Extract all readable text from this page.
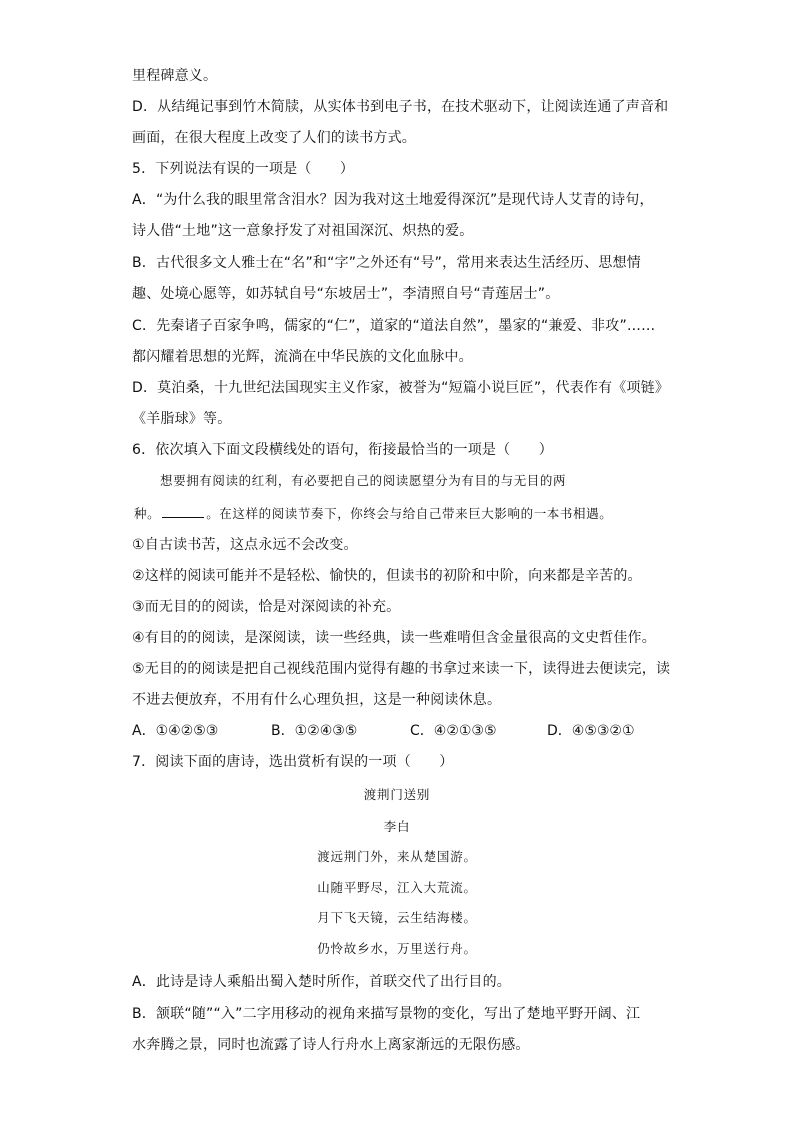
里程碑意义。
D．从结绳记事到竹木简牍，从实体书到电子书，在技术驱动下，让阅读连通了声音和
画面，在很大程度上改变了人们的读书方式。
5．下列说法有误的一项是（　　）
A．“为什么我的眼里常含泪水？因为我对这土地爱得深沉”是现代诗人艾青的诗句，
诗人借“土地”这一意象抒发了对祖国深沉、炽热的爱。
B．古代很多文人雅士在“名”和“字”之外还有“号”，常用来表达生活经历、思想情
趣、处境心愿等，如苏轼自号“东坡居士”，李清照自号“青莲居士”。
C．先秦诸子百家争鸣，儒家的“仁”，道家的“道法自然”，墨家的“兼爱、非攻”……
都闪耀着思想的光辉，流淌在中华民族的文化血脉中。
D．莫泊桑，十九世纪法国现实主义作家，被誉为“短篇小说巨匠”，代表作有《项链》
《羊脂球》等。
6．依次填入下面文段横线处的语句，衔接最恰当的一项是（　　）
想要拥有阅读的红利，有必要把自己的阅读愿望分为有目的与无目的两
种。	。在这样的阅读节奏下，你终会与给自己带来巨大影响的一本书相遇。
①自古读书苦，这点永远不会改变。
②这样的阅读可能并不是轻松、愉快的，但读书的初阶和中阶，向来都是辛苦的。
③而无目的的阅读，恰是对深阅读的补充。
④有目的的阅读，是深阅读，读一些经典，读一些难啃但含金量很高的文史哲佳作。
⑤无目的的阅读是把自己视线范围内觉得有趣的书拿过来读一下，读得进去便读完，读
不进去便放弃，不用有什么心理负担，这是一种阅读休息。
A．①④②⑤③	B．①②④③⑤	C．④②①③⑤	D．④⑤③②①
7．阅读下面的唐诗，选出赏析有误的一项（　　）
渡荆门送别
李白
渡远荆门外，来从楚国游。
山随平野尽，江入大荒流。
月下飞天镜，云生结海楼。
仍怜故乡水，万里送行舟。
A．此诗是诗人乘船出蜀入楚时所作，首联交代了出行目的。
B．颔联“随”“入”二字用移动的视角来描写景物的变化，写出了楚地平野开阔、江
水奔腾之景，同时也流露了诗人行舟水上离家渐远的无限伤感。
